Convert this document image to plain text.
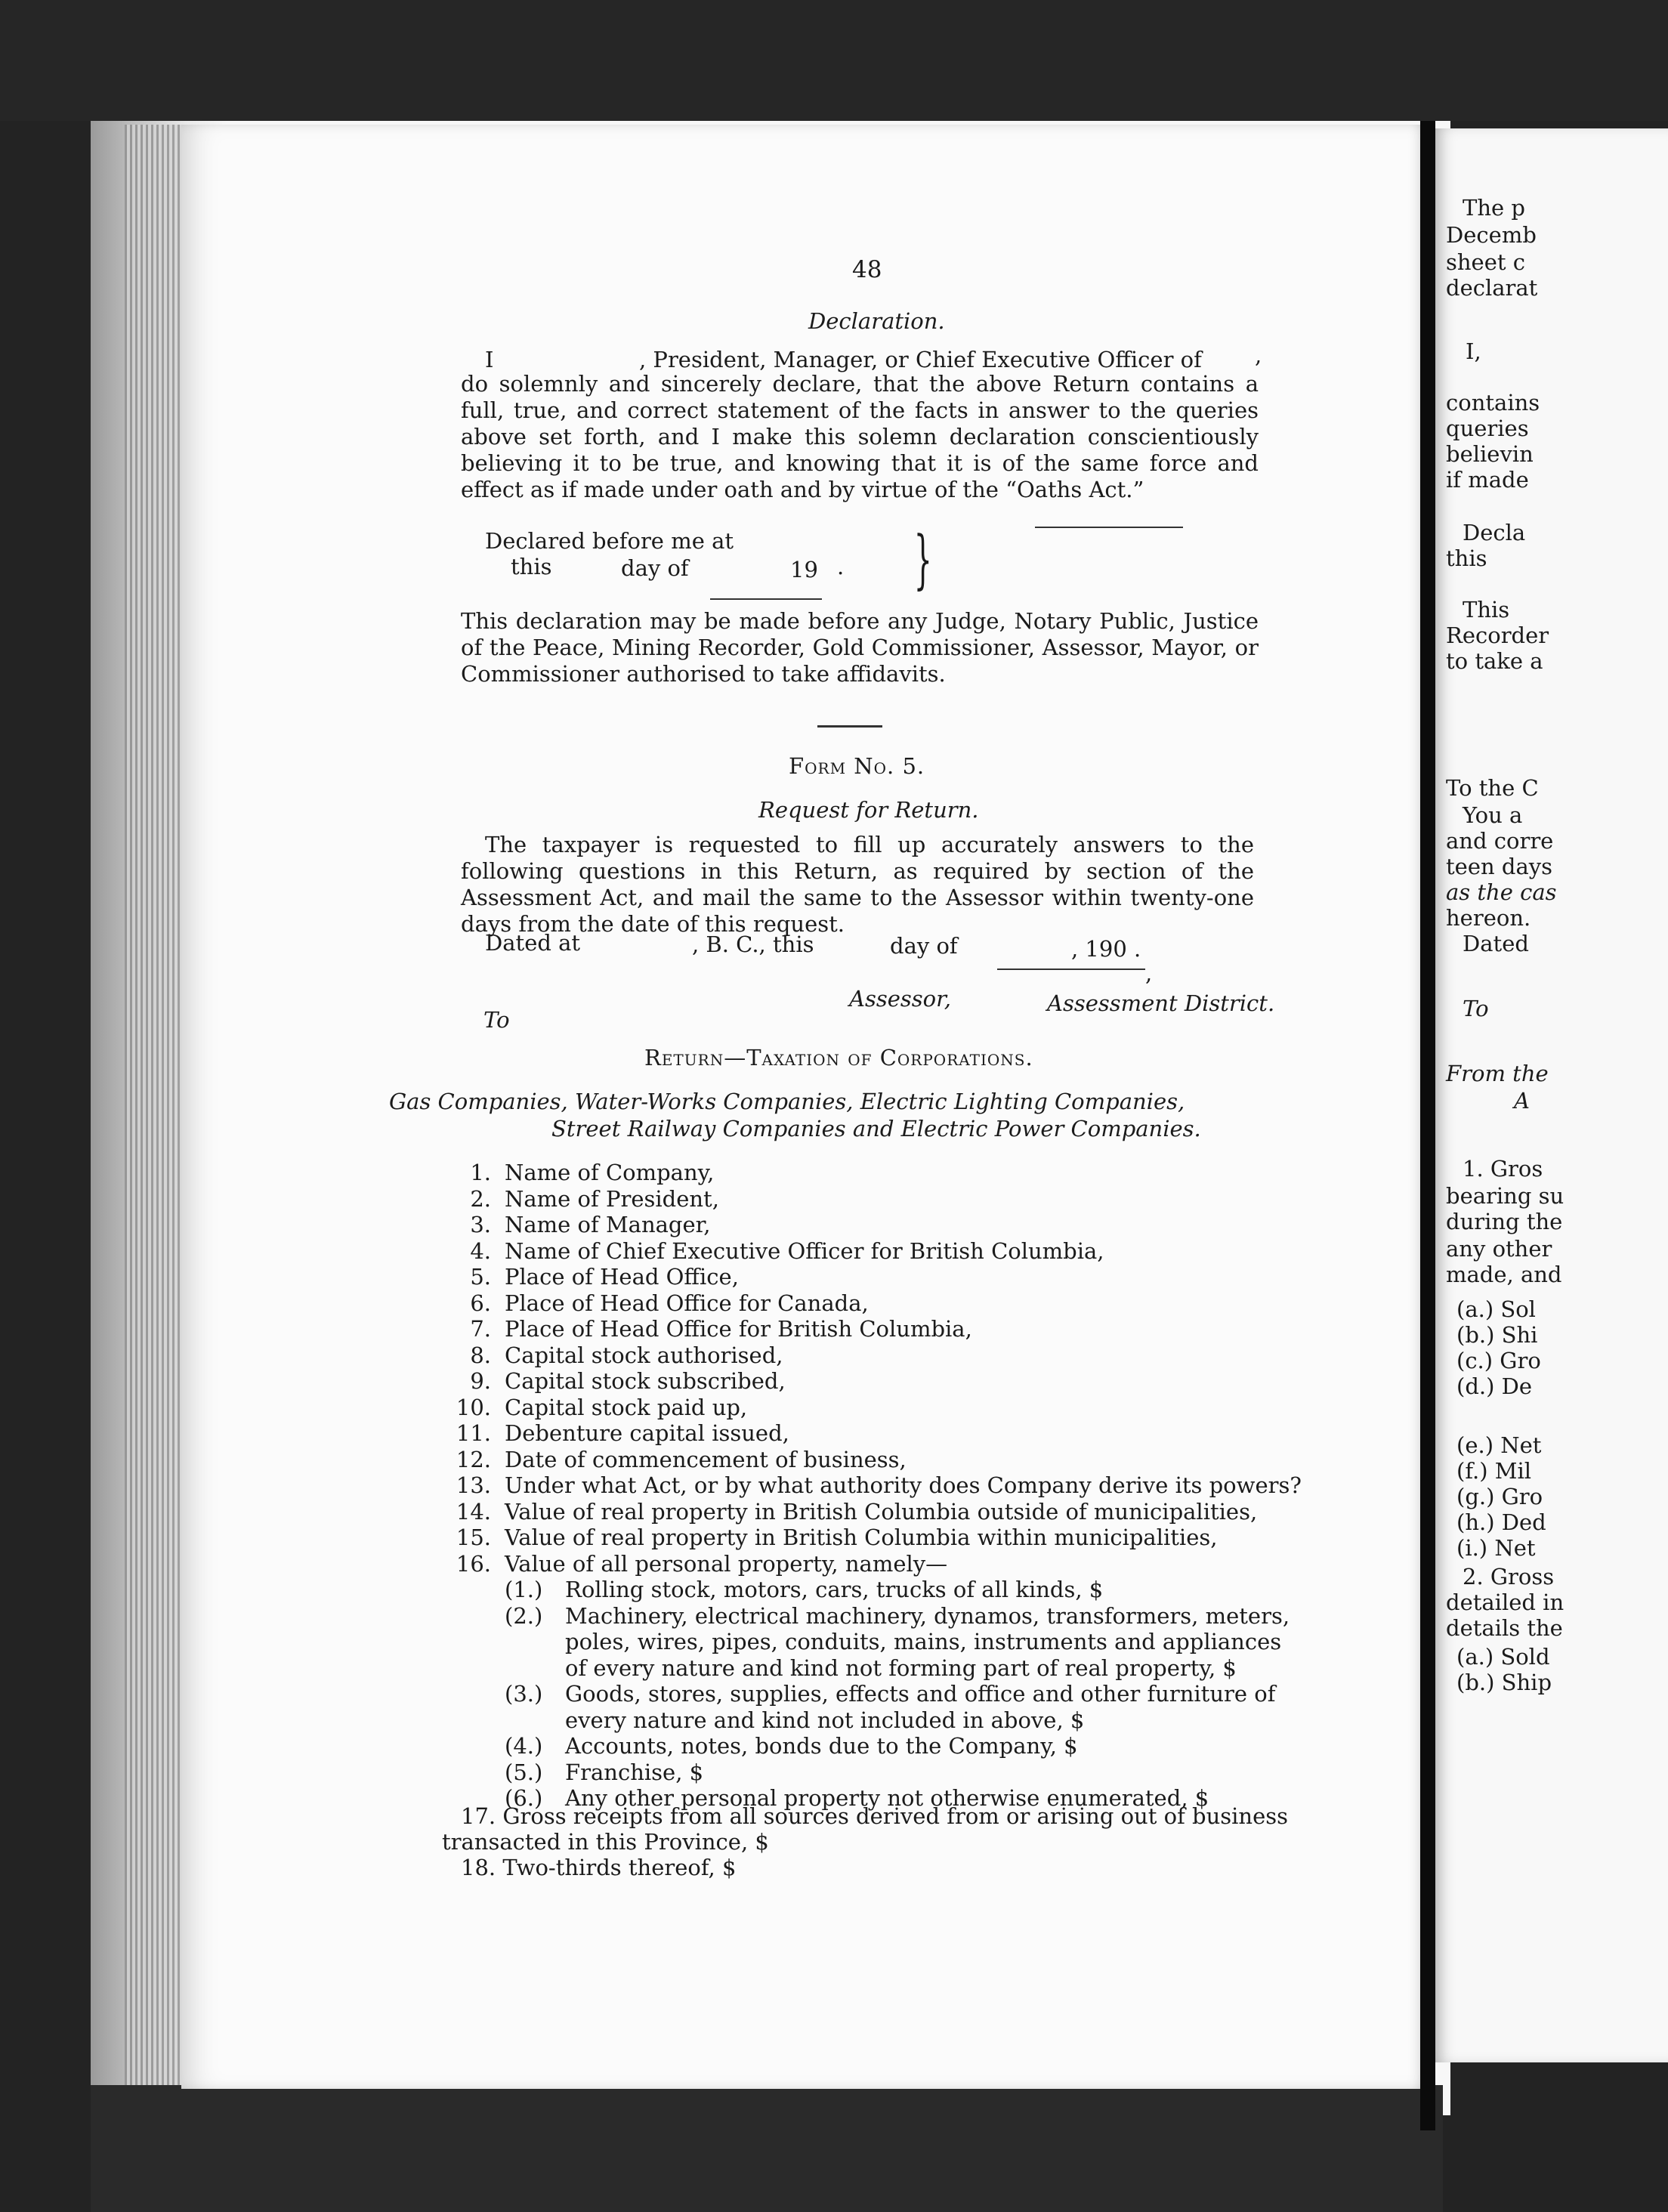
48
Declaration.
I	, President, Manager, or Chief Executive Officer of ,
do solemnly and sincerely declare, that the above Return contains a full, true, and correct statement of the facts in answer to the queries above set forth, and I make this solemn declaration conscientiously believing it to be true, and knowing that it is of the same force and effect as if made under oath and by virtue of the “Oaths Act.”
Declared before me at
this	day of	19 . }
This declaration may be made before any Judge, Notary Public, Justice of the Peace, Mining Recorder, Gold Commissioner, Assessor, Mayor, or Commissioner authorised to take affidavits.
Form No. 5.
Request for Return.
The taxpayer is requested to fill up accurately answers to the following questions in this Return, as required by section of the Assessment Act, and mail the same to the Assessor within twenty-one days from the date of this request.
Dated at	, B. C., this	day of	, 190 .
,
Assessor,	Assessment District.
To
Return—Taxation of Corporations.
Gas Companies, Water-Works Companies, Electric Lighting Companies,
Street Railway Companies and Electric Power Companies.
1. Name of Company,
2. Name of President,
3. Name of Manager,
4. Name of Chief Executive Officer for British Columbia,
5. Place of Head Office,
6. Place of Head Office for Canada,
7. Place of Head Office for British Columbia,
8. Capital stock authorised,
9. Capital stock subscribed,
10. Capital stock paid up,
11. Debenture capital issued,
12. Date of commencement of business,
13. Under what Act, or by what authority does Company derive its powers?
14. Value of real property in British Columbia outside of municipalities,
15. Value of real property in British Columbia within municipalities,
16. Value of all personal property, namely—
(1.) Rolling stock, motors, cars, trucks of all kinds, $
(2.) Machinery, electrical machinery, dynamos, transformers, meters,
poles, wires, pipes, conduits, mains, instruments and appliances
of every nature and kind not forming part of real property, $
(3.) Goods, stores, supplies, effects and office and other furniture of
every nature and kind not included in above, $
(4.) Accounts, notes, bonds due to the Company, $
(5.) Franchise, $
(6.) Any other personal property not otherwise enumerated, $
17. Gross receipts from all sources derived from or arising out of business
transacted in this Province, $
18. Two-thirds thereof, $
The p
Decemb
sheet c
declarat
I,
contains
queries
believin
if made
Decla
this
This
Recorder
to take a
To the C
You a
and corre
teen days
as the cas
hereon.
Dated
To
From the
A
1. Gros
bearing su
during the
any other
made, and
(a.) Sol
(b.) Shi
(c.) Gro
(d.) De
(e.) Net
(f.) Mil
(g.) Gro
(h.) Ded
(i.) Net
2. Gross
detailed in
details the
(a.) Sold
(b.) Ship
